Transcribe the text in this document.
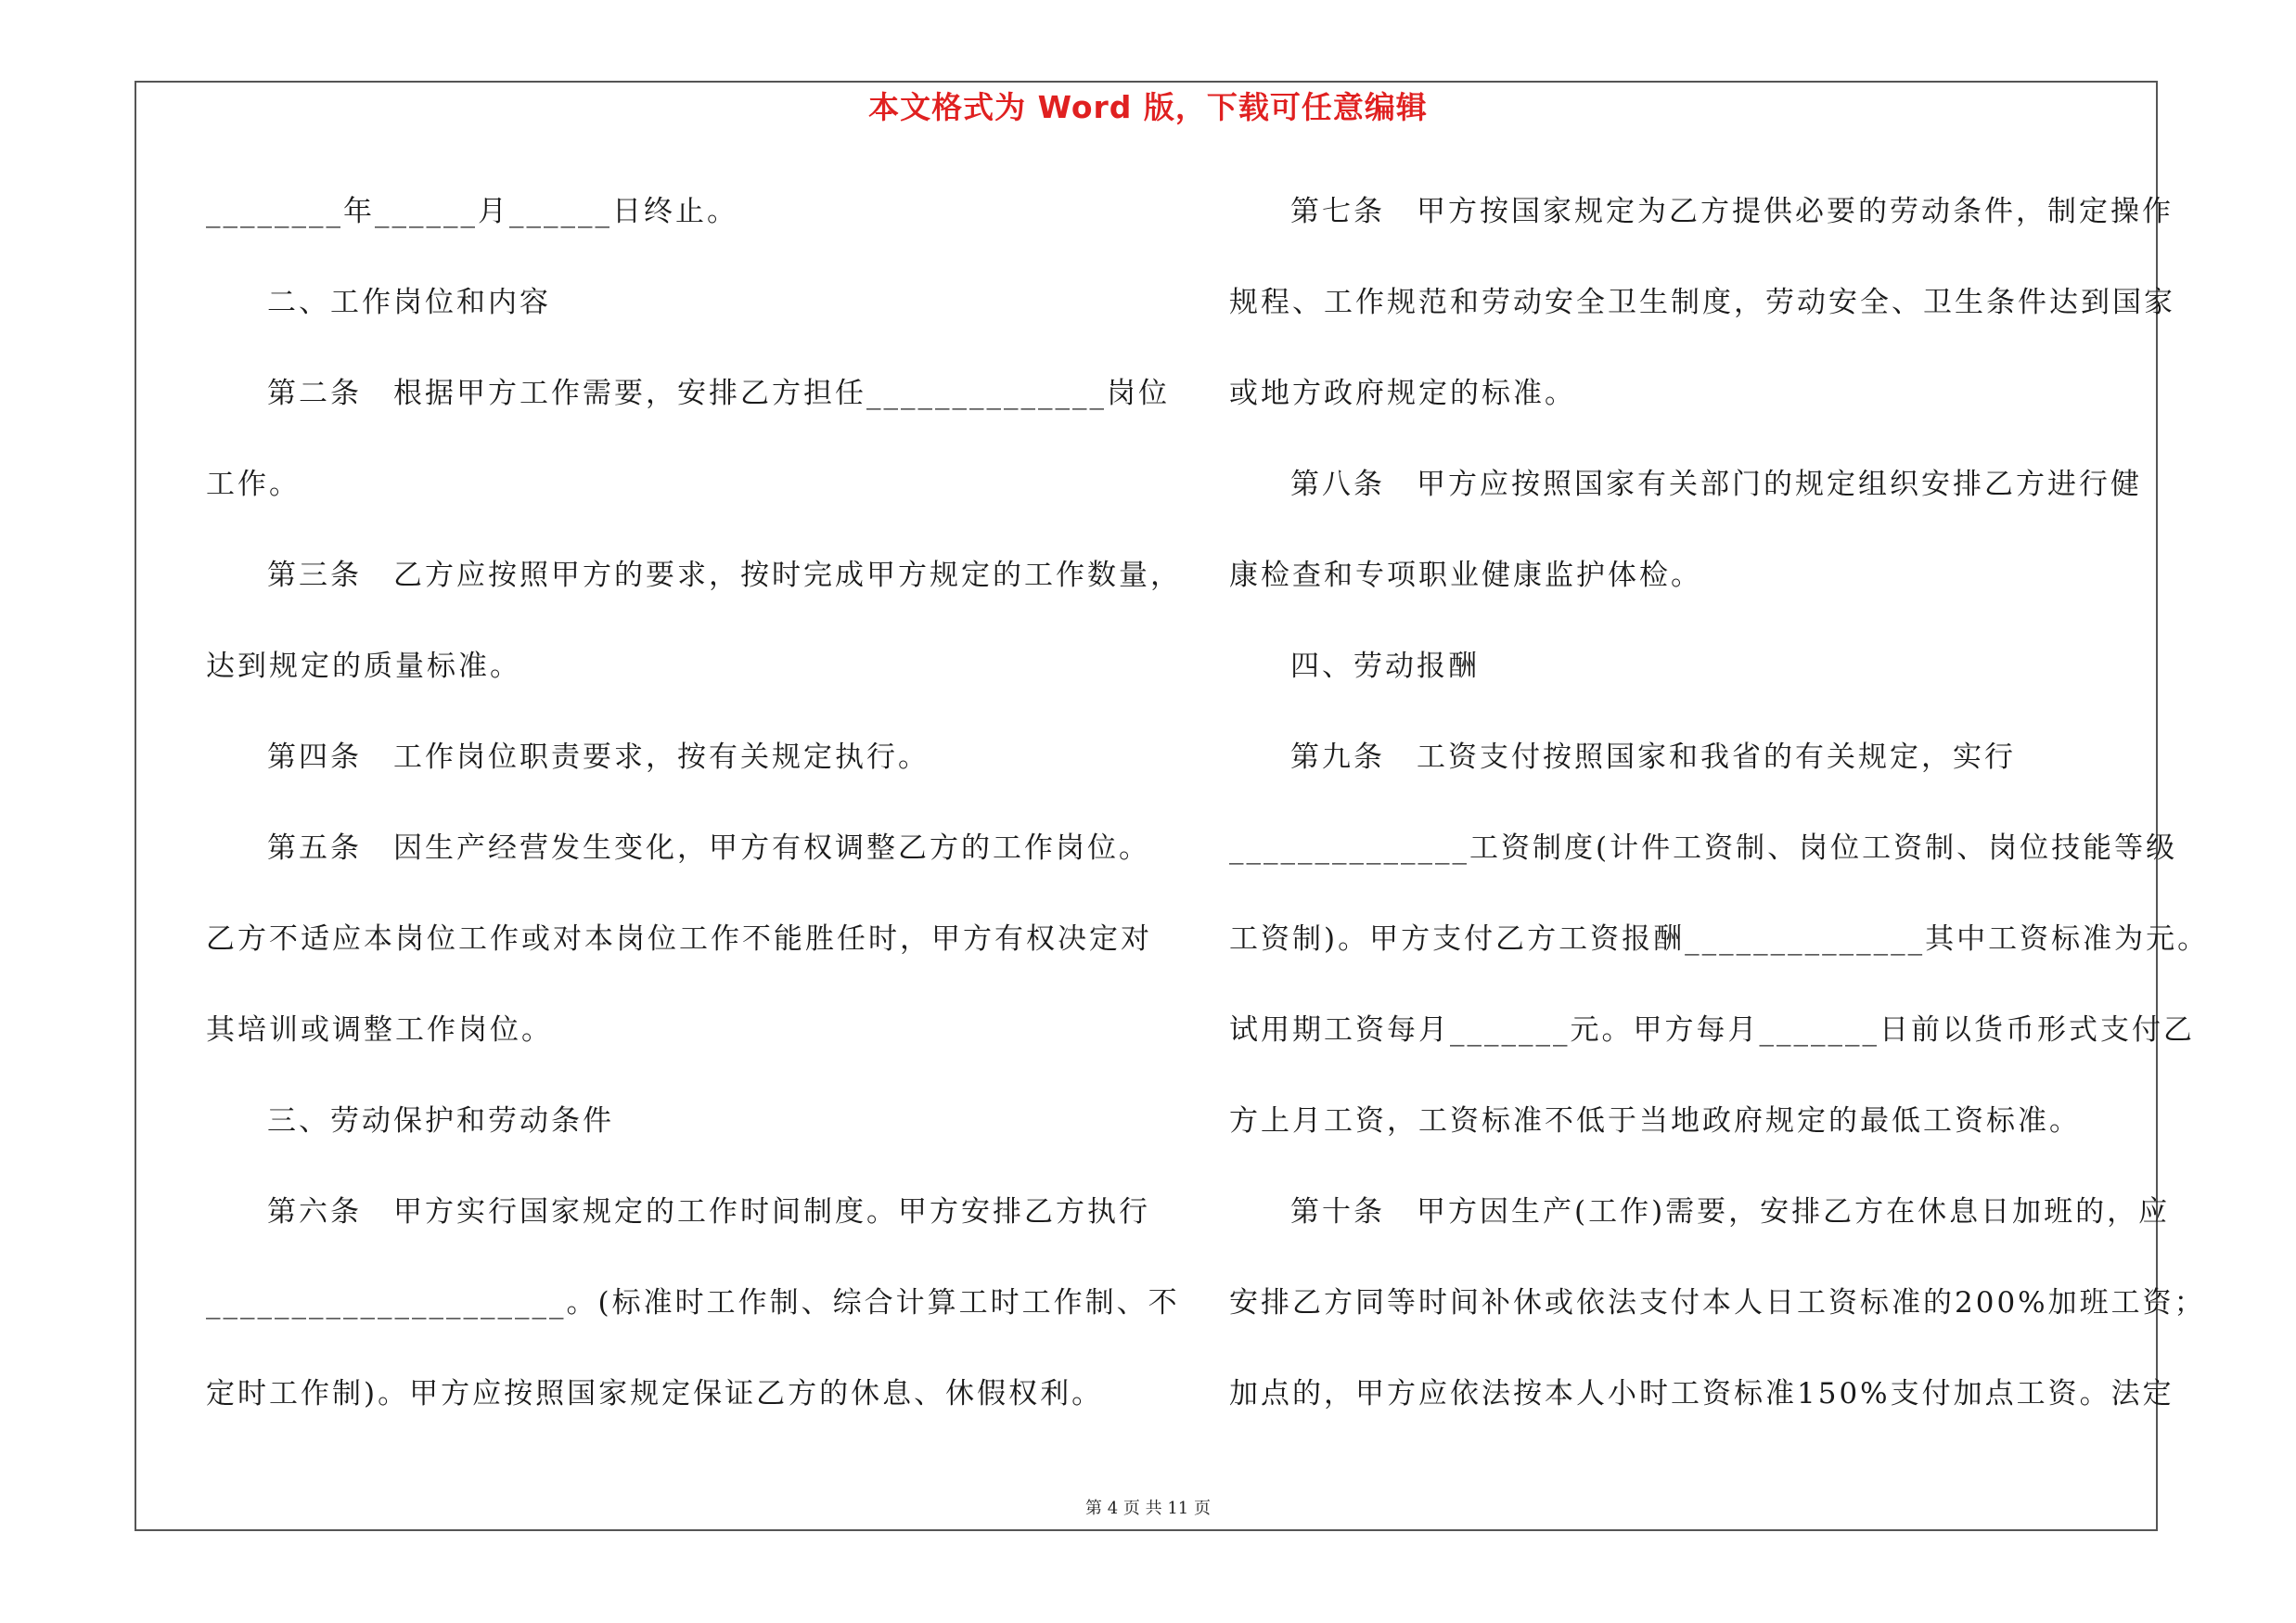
本文格式为 Word 版，下载可任意编辑
________年______月______日终止。
二、工作岗位和内容
第二条　根据甲方工作需要，安排乙方担任______________岗位
工作。
第三条　乙方应按照甲方的要求，按时完成甲方规定的工作数量，
达到规定的质量标准。
第四条　工作岗位职责要求，按有关规定执行。
第五条　因生产经营发生变化，甲方有权调整乙方的工作岗位。
乙方不适应本岗位工作或对本岗位工作不能胜任时，甲方有权决定对
其培训或调整工作岗位。
三、劳动保护和劳动条件
第六条　甲方实行国家规定的工作时间制度。甲方安排乙方执行
_____________________。(标准时工作制、综合计算工时工作制、不
定时工作制)。甲方应按照国家规定保证乙方的休息、休假权利。
第七条　甲方按国家规定为乙方提供必要的劳动条件，制定操作
规程、工作规范和劳动安全卫生制度，劳动安全、卫生条件达到国家
或地方政府规定的标准。
第八条　甲方应按照国家有关部门的规定组织安排乙方进行健
康检查和专项职业健康监护体检。
四、劳动报酬
第九条　工资支付按照国家和我省的有关规定，实行
______________工资制度(计件工资制、岗位工资制、岗位技能等级
工资制)。甲方支付乙方工资报酬______________其中工资标准为元。
试用期工资每月_______元。甲方每月_______日前以货币形式支付乙
方上月工资，工资标准不低于当地政府规定的最低工资标准。
第十条　甲方因生产(工作)需要，安排乙方在休息日加班的，应
安排乙方同等时间补休或依法支付本人日工资标准的200%加班工资；
加点的，甲方应依法按本人小时工资标准150%支付加点工资。法定
第 4 页 共 11 页
